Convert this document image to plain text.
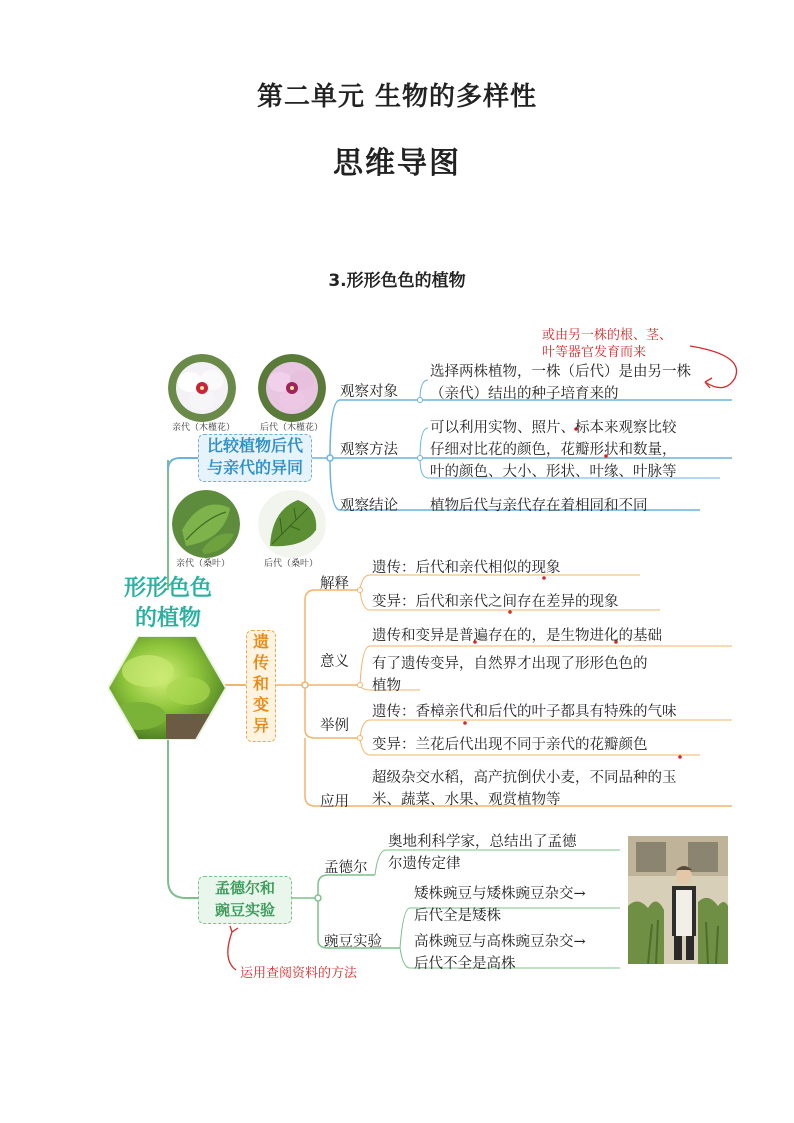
第二单元 生物的多样性
思维导图
3.形形色色的植物
形形色色
的植物
亲代（木槿花）	后代（木槿花）
亲代（桑叶）	后代（桑叶）
比较植物后代
与亲代的异同
观察对象
选择两株植物，一株（后代）是由另一株
（亲代）结出的种子培育来的
观察方法
可以利用实物、照片、标本来观察比较
仔细对比花的颜色，花瓣形状和数量，
叶的颜色、大小、形状、叶缘、叶脉等
观察结论 植物后代与亲代存在着相同和不同
或由另一株的根、茎、
叶等器官发育而来
遗
传
和
变
异
解释
遗传：后代和亲代相似的现象
变异：后代和亲代之间存在差异的现象
意义
遗传和变异是普遍存在的，是生物进化的基础
有了遗传变异，自然界才出现了形形色色的
植物
举例
遗传：香樟亲代和后代的叶子都具有特殊的气味
变异：兰花后代出现不同于亲代的花瓣颜色
应用
超级杂交水稻，高产抗倒伏小麦，不同品种的玉
米、蔬菜、水果、观赏植物等
孟德尔和
豌豆实验
孟德尔
奥地利科学家，总结出了孟德
尔遗传定律
豌豆实验
矮株豌豆与矮株豌豆杂交→
后代全是矮株
高株豌豆与高株豌豆杂交→
后代不全是高株
运用查阅资料的方法
